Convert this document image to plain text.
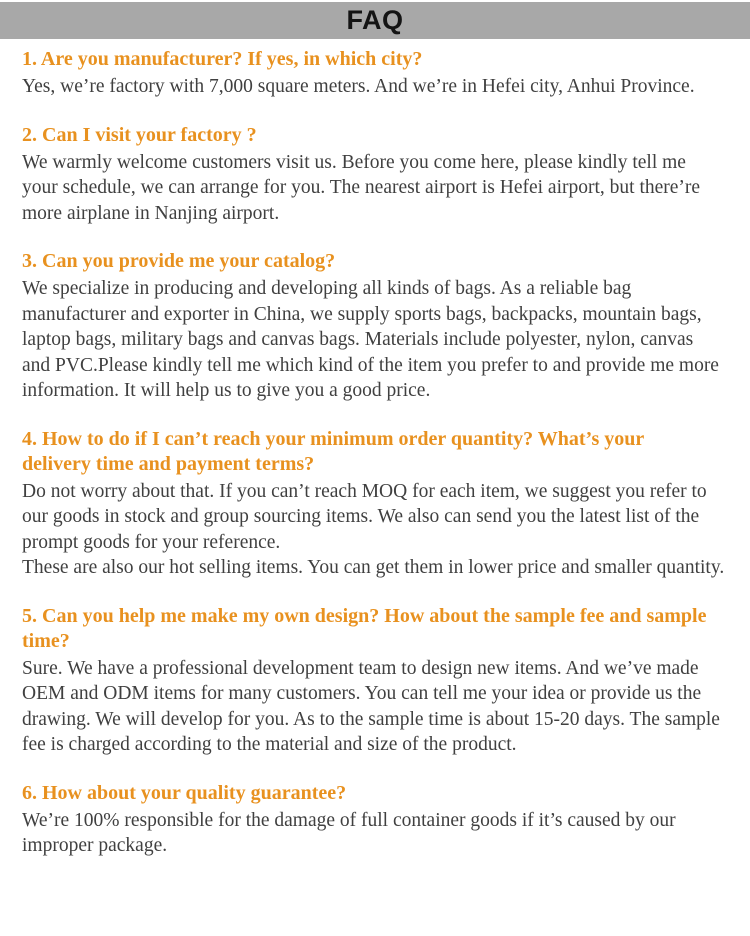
FAQ
1. Are you manufacturer? If yes, in which city?

Yes, we’re factory with 7,000 square meters. And we’re in Hefei city, Anhui Province.

2. Can I visit your factory ?

We warmly welcome customers visit us. Before you come here, please kindly tell me your schedule, we can arrange for you. The nearest airport is Hefei airport, but there’re more airplane in Nanjing airport.

3. Can you provide me your catalog?

We specialize in producing and developing all kinds of bags. As a reliable bag manufacturer and exporter in China, we supply sports bags, backpacks, mountain bags, laptop bags, military bags and canvas bags. Materials include polyester, nylon, canvas and PVC.Please kindly tell me which kind of the item you prefer to and provide me more information. It will help us to give you a good price.

4. How to do if I can’t reach your minimum order quantity? What’s your delivery time and payment terms?

Do not worry about that. If you can’t reach MOQ for each item, we suggest you refer to our goods in stock and group sourcing items. We also can send you the latest list of the prompt goods for your reference.

These are also our hot selling items. You can get them in lower price and smaller quantity.

5. Can you help me make my own design? How about the sample fee and sample time?

Sure. We have a professional development team to design new items. And we’ve made OEM and ODM items for many customers. You can tell me your idea or provide us the drawing. We will develop for you. As to the sample time is about 15-20 days. The sample fee is charged according to the material and size of the product.

6. How about your quality guarantee?

We’re 100% responsible for the damage of full container goods if it’s caused by our improper package.
